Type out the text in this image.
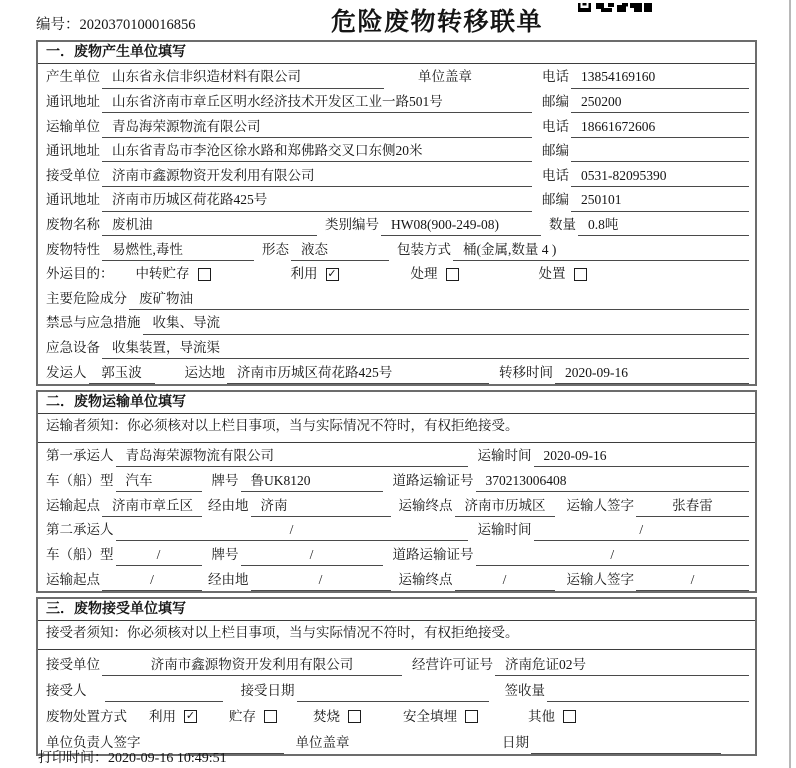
编号：2020370100016856	危险废物转移联单
一．废物产生单位填写
产生单位 山东省永信非织造材料有限公司	单位盖章	电话 13854169160
通讯地址 山东省济南市章丘区明水经济技术开发区工业一路501号	邮编 250200
运输单位 青岛海荣源物流有限公司	电话 18661672606
通讯地址 山东省青岛市李沧区徐水路和郑佛路交叉口东侧20米	邮编
接受单位 济南市鑫源物资开发利用有限公司	电话 0531-82095390
通讯地址 济南市历城区荷花路425号	邮编 250101
废物名称 废机油	类别编号 HW08(900-249-08)	数量 0.8吨
废物特性 易燃性,毒性	形态 液态	包装方式 桶(金属,数量 4 )
外运目的： 中转贮存	利用 ✓	处理	处置
主要危险成分 废矿物油
禁忌与应急措施 收集、导流
应急设备 收集装置，导流渠
发运人	郭玉波	运达地 济南市历城区荷花路425号	转移时间 2020-09-16
二．废物运输单位填写
运输者须知：你必须核对以上栏目事项，当与实际情况不符时，有权拒绝接受。
第一承运人 青岛海荣源物流有限公司	运输时间 2020-09-16
车（船）型 汽车	牌号 鲁UK8120	道路运输证号 370213006408
运输起点 济南市章丘区	经由地 济南	运输终点 济南市历城区	运输人签字	张春雷
第二承运人	/	运输时间	/
车（船）型	/	牌号	/	道路运输证号	/
运输起点	/	经由地	/	运输终点	/	运输人签字	/
三．废物接受单位填写
接受者须知：你必须核对以上栏目事项，当与实际情况不符时，有权拒绝接受。
接受单位	济南市鑫源物资开发利用有限公司	经营许可证号 济南危证02号
接受人	接受日期	签收量
废物处置方式 利用 ✓	贮存	焚烧	安全填埋	其他
单位负责人签字	单位盖章	日期
打印时间：2020-09-16 10:49:51
